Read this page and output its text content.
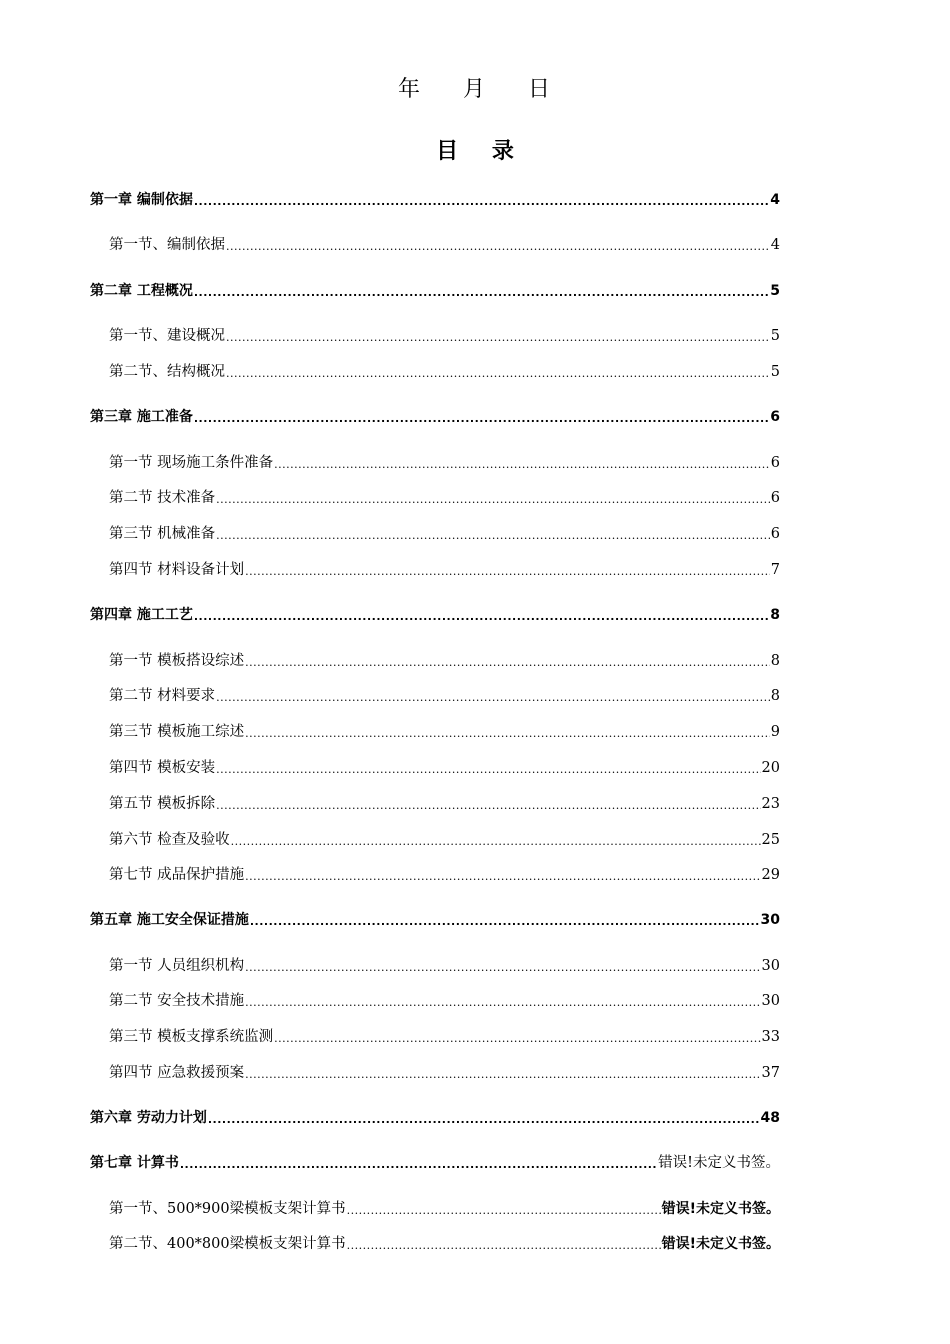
年 月 日
目 录
第一章 编制依据 .....	4
第一节、编制依据 .....	4
第二章 工程概况 .....	5
第一节、建设概况 .....	5
第二节、结构概况 .....	5
第三章 施工准备 .....	6
第一节 现场施工条件准备 .....	6
第二节 技术准备 .....	6
第三节 机械准备 .....	6
第四节 材料设备计划 .....	7
第四章 施工工艺 .....	8
第一节 模板搭设综述 .....	8
第二节 材料要求 .....	8
第三节 模板施工综述 .....	9
第四节 模板安装 .....	20
第五节 模板拆除 .....	23
第六节 检查及验收 .....	25
第七节 成品保护措施 .....	29
第五章 施工安全保证措施 .....	30
第一节 人员组织机构 .....	30
第二节 安全技术措施 .....	30
第三节 模板支撑系统监测 .....	33
第四节 应急救援预案 .....	37
第六章 劳动力计划 .....	48
第七章 计算书 .....	错误!未定义书签。
第一节、500*900梁模板支架计算书 .....	错误!未定义书签。
第二节、400*800梁模板支架计算书 .....	错误!未定义书签。
